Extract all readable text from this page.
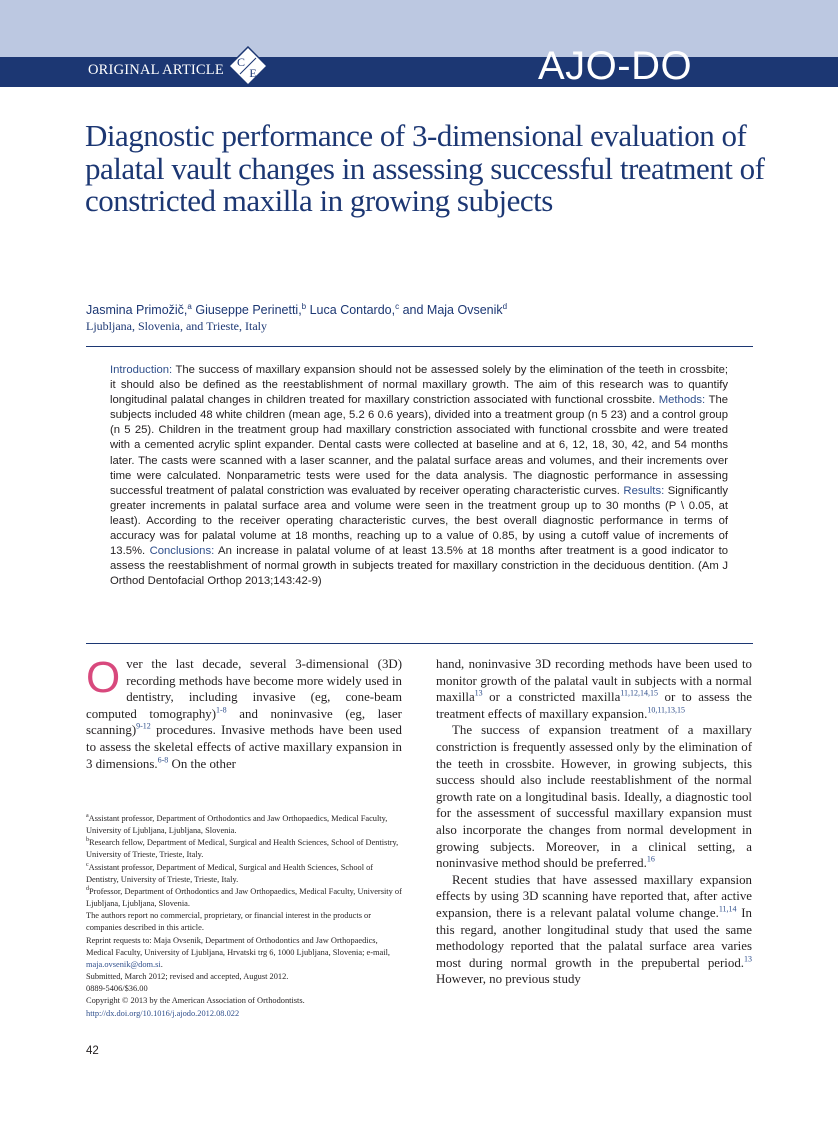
ORIGINAL ARTICLE C
E	AJO-DO
Diagnostic performance of 3-dimensional evaluation of palatal vault changes in assessing successful treatment of constricted maxilla in growing subjects
Jasmina Primožič,$^a$ Giuseppe Perinetti,$^b$ Luca Contardo,$^c$ and Maja Ovsenik$^d$
Ljubljana, Slovenia, and Trieste, Italy
Introduction: The success of maxillary expansion should not be assessed solely by the elimination of the teeth in crossbite; it should also be defined as the reestablishment of normal maxillary growth. The aim of this research was to quantify longitudinal palatal changes in children treated for maxillary constriction associated with functional crossbite. Methods: The subjects included 48 white children (mean age, 5.2 6 0.6 years), divided into a treatment group (n 5 23) and a control group (n 5 25). Children in the treatment group had maxillary constriction associated with functional crossbite and were treated with a cemented acrylic splint expander. Dental casts were collected at baseline and at 6, 12, 18, 30, 42, and 54 months later. The casts were scanned with a laser scanner, and the palatal surface areas and volumes, and their increments over time were calculated. Nonparametric tests were used for the data analysis. The diagnostic performance in assessing successful treatment of palatal constriction was evaluated by receiver operating characteristic curves. Results: Significantly greater increments in palatal surface area and volume were seen in the treatment group up to 30 months (P \ 0.05, at least). According to the receiver operating characteristic curves, the best overall diagnostic performance in terms of accuracy was for palatal volume at 18 months, reaching up to a value of 0.85, by using a cutoff value of increments of 13.5%. Conclusions: An increase in palatal volume of at least 13.5% at 18 months after treatment is a good indicator to assess the reestablishment of normal growth in subjects treated for maxillary constriction in the deciduous dentition. (Am J Orthod Dentofacial Orthop 2013;143:42-9)

Over the last decade, several 3-dimensional (3D) recording methods have become more widely used in dentistry, including invasive (eg, cone-beam computed tomography)$^{1-8}$ and noninvasive (eg, laser scanning)$^{9-12}$ procedures. Invasive methods have been used to assess the skeletal effects of active maxillary expansion in 3 dimensions.$^{6-8}$ On the other

hand, noninvasive 3D recording methods have been used to monitor growth of the palatal vault in subjects with a normal maxilla$^{13}$ or a constricted maxilla$^{11,12,14,15}$ or to assess the treatment effects of maxillary expansion.$^{10,11,13,15}$

The success of expansion treatment of a maxillary constriction is frequently assessed only by the elimination of the teeth in crossbite. However, in growing subjects, this success should also include reestablishment of the normal growth rate on a longitudinal basis. Ideally, a diagnostic tool for the assessment of successful maxillary expansion must also incorporate the changes from normal development in growing subjects. Moreover, in a clinical setting, a noninvasive method should be preferred.$^{16}$

Recent studies that have assessed maxillary expansion effects by using 3D scanning have reported that, after active expansion, there is a relevant palatal volume change.$^{11,14}$ In this regard, another longitudinal study that used the same methodology reported that the palatal surface area varies most during normal growth in the prepubertal period.$^{13}$ However, no previous study

$^a$Assistant professor, Department of Orthodontics and Jaw Orthopaedics, Medical Faculty, University of Ljubljana, Ljubljana, Slovenia.
$^b$Research fellow, Department of Medical, Surgical and Health Sciences, School of Dentistry, University of Trieste, Trieste, Italy.
$^c$Assistant professor, Department of Medical, Surgical and Health Sciences, School of Dentistry, University of Trieste, Trieste, Italy.
$^d$Professor, Department of Orthodontics and Jaw Orthopaedics, Medical Faculty, University of Ljubljana, Ljubljana, Slovenia.
The authors report no commercial, proprietary, or financial interest in the products or companies described in this article.
Reprint requests to: Maja Ovsenik, Department of Orthodontics and Jaw Orthopaedics, Medical Faculty, University of Ljubljana, Hrvatski trg 6, 1000 Ljubljana, Slovenia; e-mail, maja.ovsenik@dom.si.
Submitted, March 2012; revised and accepted, August 2012.
0889-5406/$36.00
Copyright © 2013 by the American Association of Orthodontists.
http://dx.doi.org/10.1016/j.ajodo.2012.08.022
42
